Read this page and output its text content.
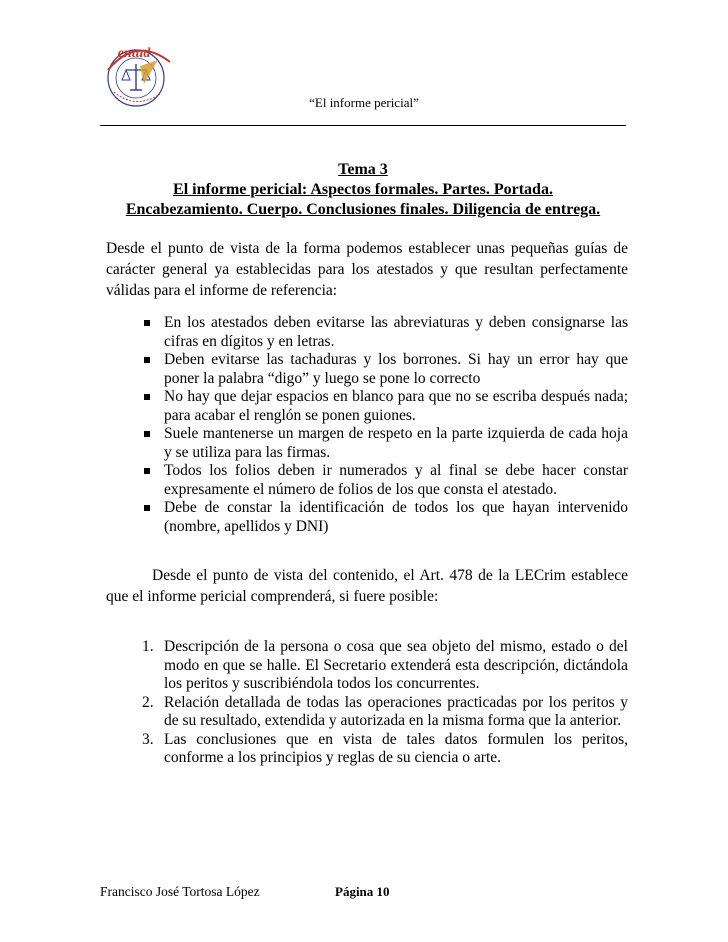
entud
“El informe pericial”
Tema 3
El informe pericial: Aspectos formales. Partes. Portada.
Encabezamiento. Cuerpo. Conclusiones finales. Diligencia de entrega.
Desde el punto de vista de la forma podemos establecer unas pequeñas guías de carácter general ya establecidas para los atestados y que resultan perfectamente válidas para el informe de referencia:
En los atestados deben evitarse las abreviaturas y deben consignarse las cifras en dígitos y en letras.
Deben evitarse las tachaduras y los borrones. Si hay un error hay que poner la palabra “digo” y luego se pone lo correcto
No hay que dejar espacios en blanco para que no se escriba después nada; para acabar el renglón se ponen guiones.
Suele mantenerse un margen de respeto en la parte izquierda de cada hoja y se utiliza para las firmas.
Todos los folios deben ir numerados y al final se debe hacer constar expresamente el número de folios de los que consta el atestado.
Debe de constar la identificación de todos los que hayan intervenido (nombre, apellidos y DNI)
Desde el punto de vista del contenido, el Art. 478 de la LECrim establece que el informe pericial comprenderá, si fuere posible:
1. Descripción de la persona o cosa que sea objeto del mismo, estado o del modo en que se halle. El Secretario extenderá esta descripción, dictándola los peritos y suscribiéndola todos los concurrentes.
2. Relación detallada de todas las operaciones practicadas por los peritos y de su resultado, extendida y autorizada en la misma forma que la anterior.
3. Las conclusiones que en vista de tales datos formulen los peritos, conforme a los principios y reglas de su ciencia o arte.
Francisco José Tortosa López	Página 10
